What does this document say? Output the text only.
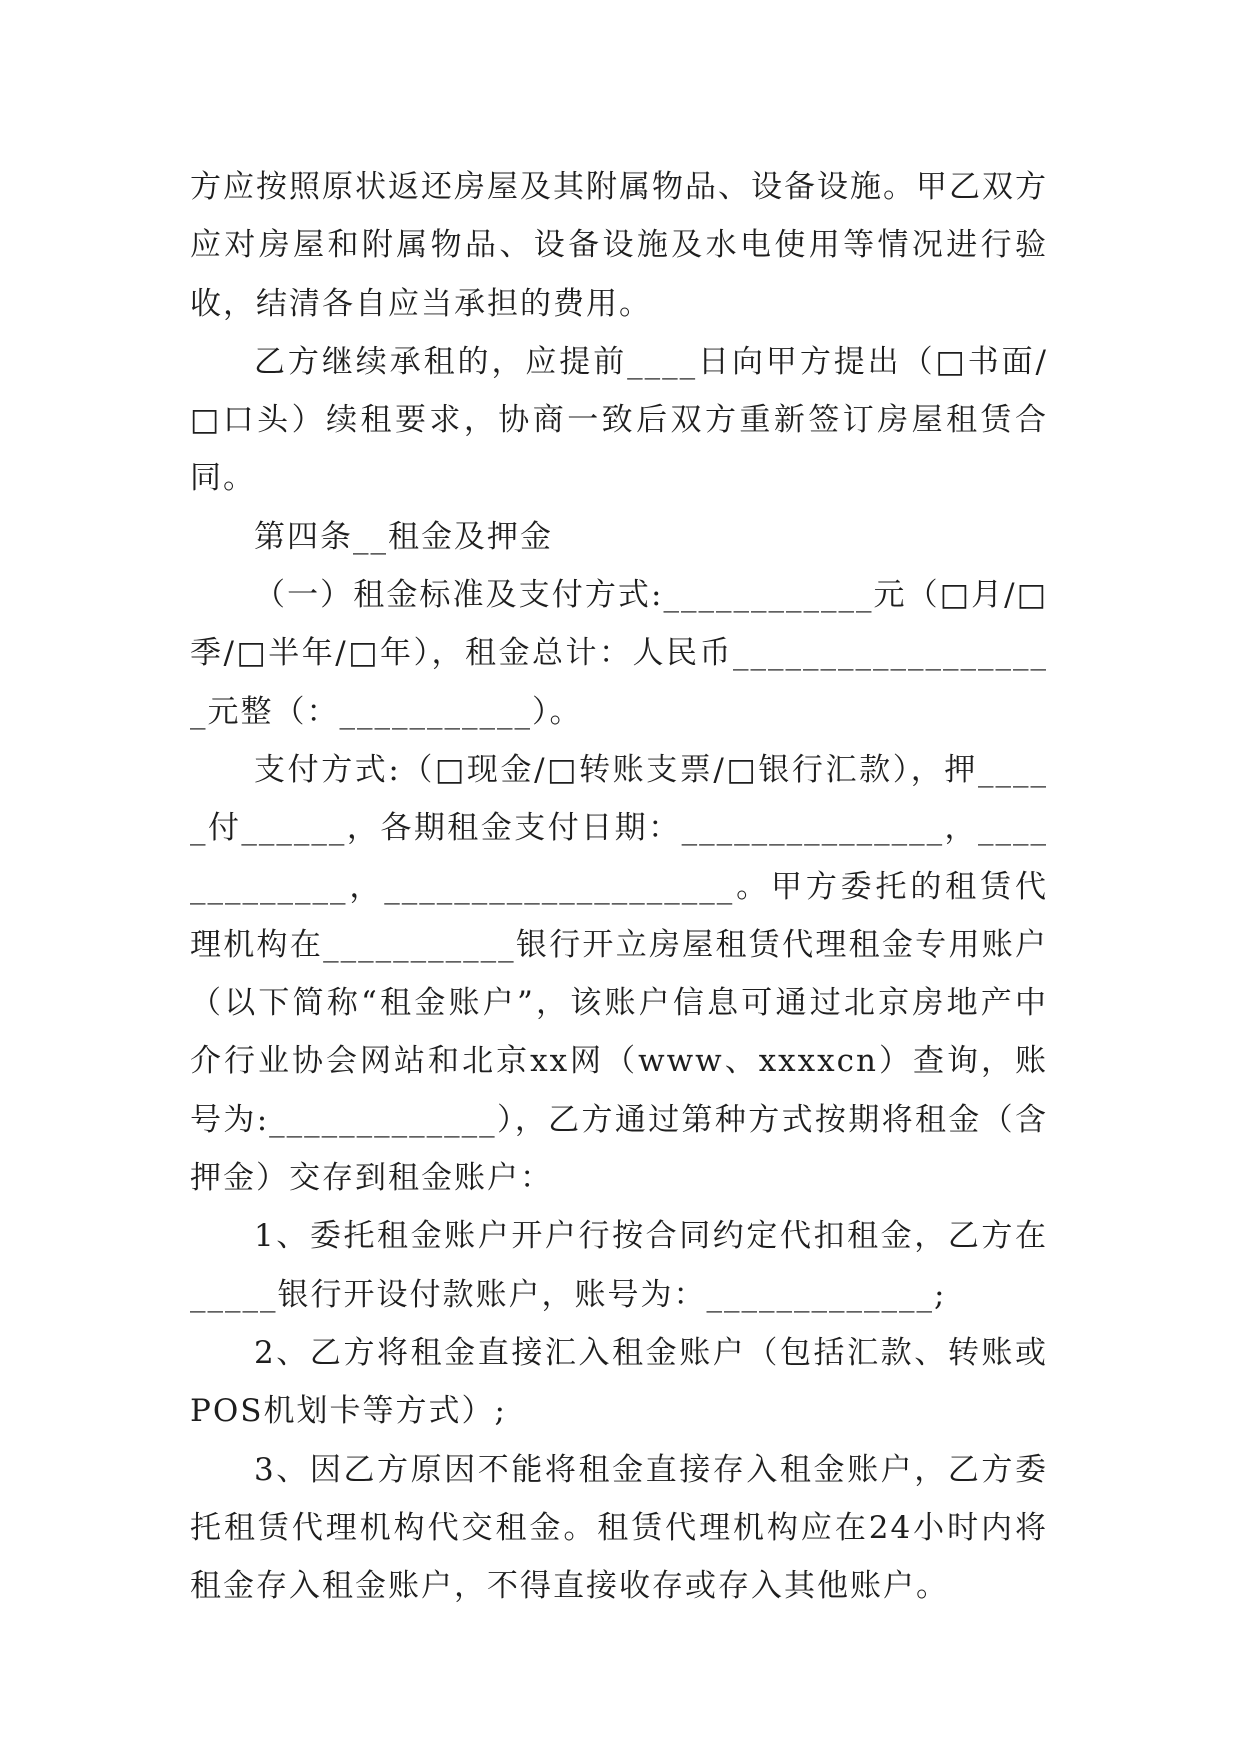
方应按照原状返还房屋及其附属物品、设备设施。甲乙双方应对房屋和附属物品、设备设施及水电使用等情况进行验收，结清各自应当承担的费用。

乙方继续承租的，应提前____日向甲方提出（□书面/□口头）续租要求，协商一致后双方重新签订房屋租赁合同。

第四条__租金及押金

（一）租金标准及支付方式:____________元（□月/□季/□半年/□年），租金总计：人民币___________________元整（：___________）。

支付方式:（□现金/□转账支票/□银行汇款），押_____付______，各期租金支付日期：_______________，_____________，____________________。甲方委托的租赁代理机构在___________银行开立房屋租赁代理租金专用账户（以下简称“租金账户”，该账户信息可通过北京房地产中介行业协会网站和北京xx网（www、xxxxcn）查询，账号为:_____________），乙方通过第种方式按期将租金（含押金）交存到租金账户：

1、委托租金账户开户行按合同约定代扣租金，乙方在_____银行开设付款账户，账号为：_____________;

2、乙方将租金直接汇入租金账户（包括汇款、转账或POS机划卡等方式）;

3、因乙方原因不能将租金直接存入租金账户，乙方委托租赁代理机构代交租金。租赁代理机构应在24小时内将租金存入租金账户，不得直接收存或存入其他账户。
